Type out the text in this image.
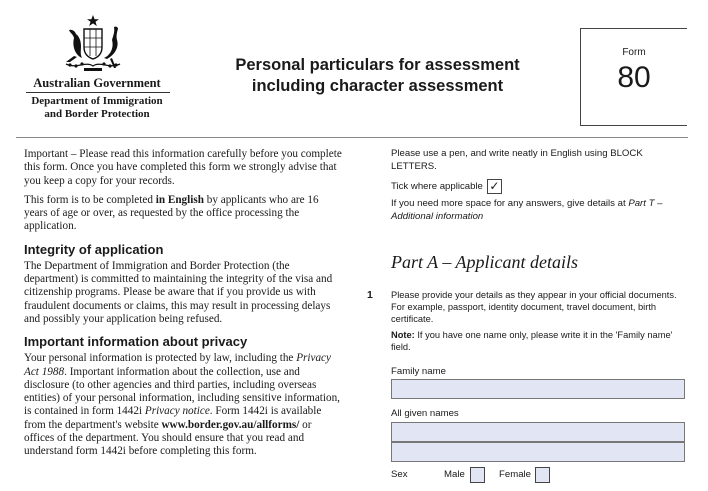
Australian Government
Department of Immigration
and Border Protection
Personal particulars for assessment
including character assessment
Form
80

Important – Please read this information carefully before you complete this form. Once you have completed this form we strongly advise that you keep a copy for your records.

This form is to be completed in English by applicants who are 16 years of age or over, as requested by the office processing the application.

Integrity of application

The Department of Immigration and Border Protection (the department) is committed to maintaining the integrity of the visa and citizenship programs. Please be aware that if you provide us with fraudulent documents or claims, this may result in processing delays and possibly your application being refused.

Important information about privacy

Your personal information is protected by law, including the Privacy Act 1988. Important information about the collection, use and disclosure (to other agencies and third parties, including overseas entities) of your personal information, including sensitive information, is contained in form 1442i Privacy notice. Form 1442i is available from the department's website www.border.gov.au/allforms/ or offices of the department. You should ensure that you read and understand form 1442i before completing this form.

Please use a pen, and write neatly in English using BLOCK LETTERS.

Tick where applicable ✓

If you need more space for any answers, give details at Part T – Additional information

Part A – Applicant details
1 Please provide your details as they appear in your official documents. For example, passport, identity document, travel document, birth certificate.

Note: If you have one name only, please write it in the 'Family name' field.

Family name
All given names
Sex	Male	Female
